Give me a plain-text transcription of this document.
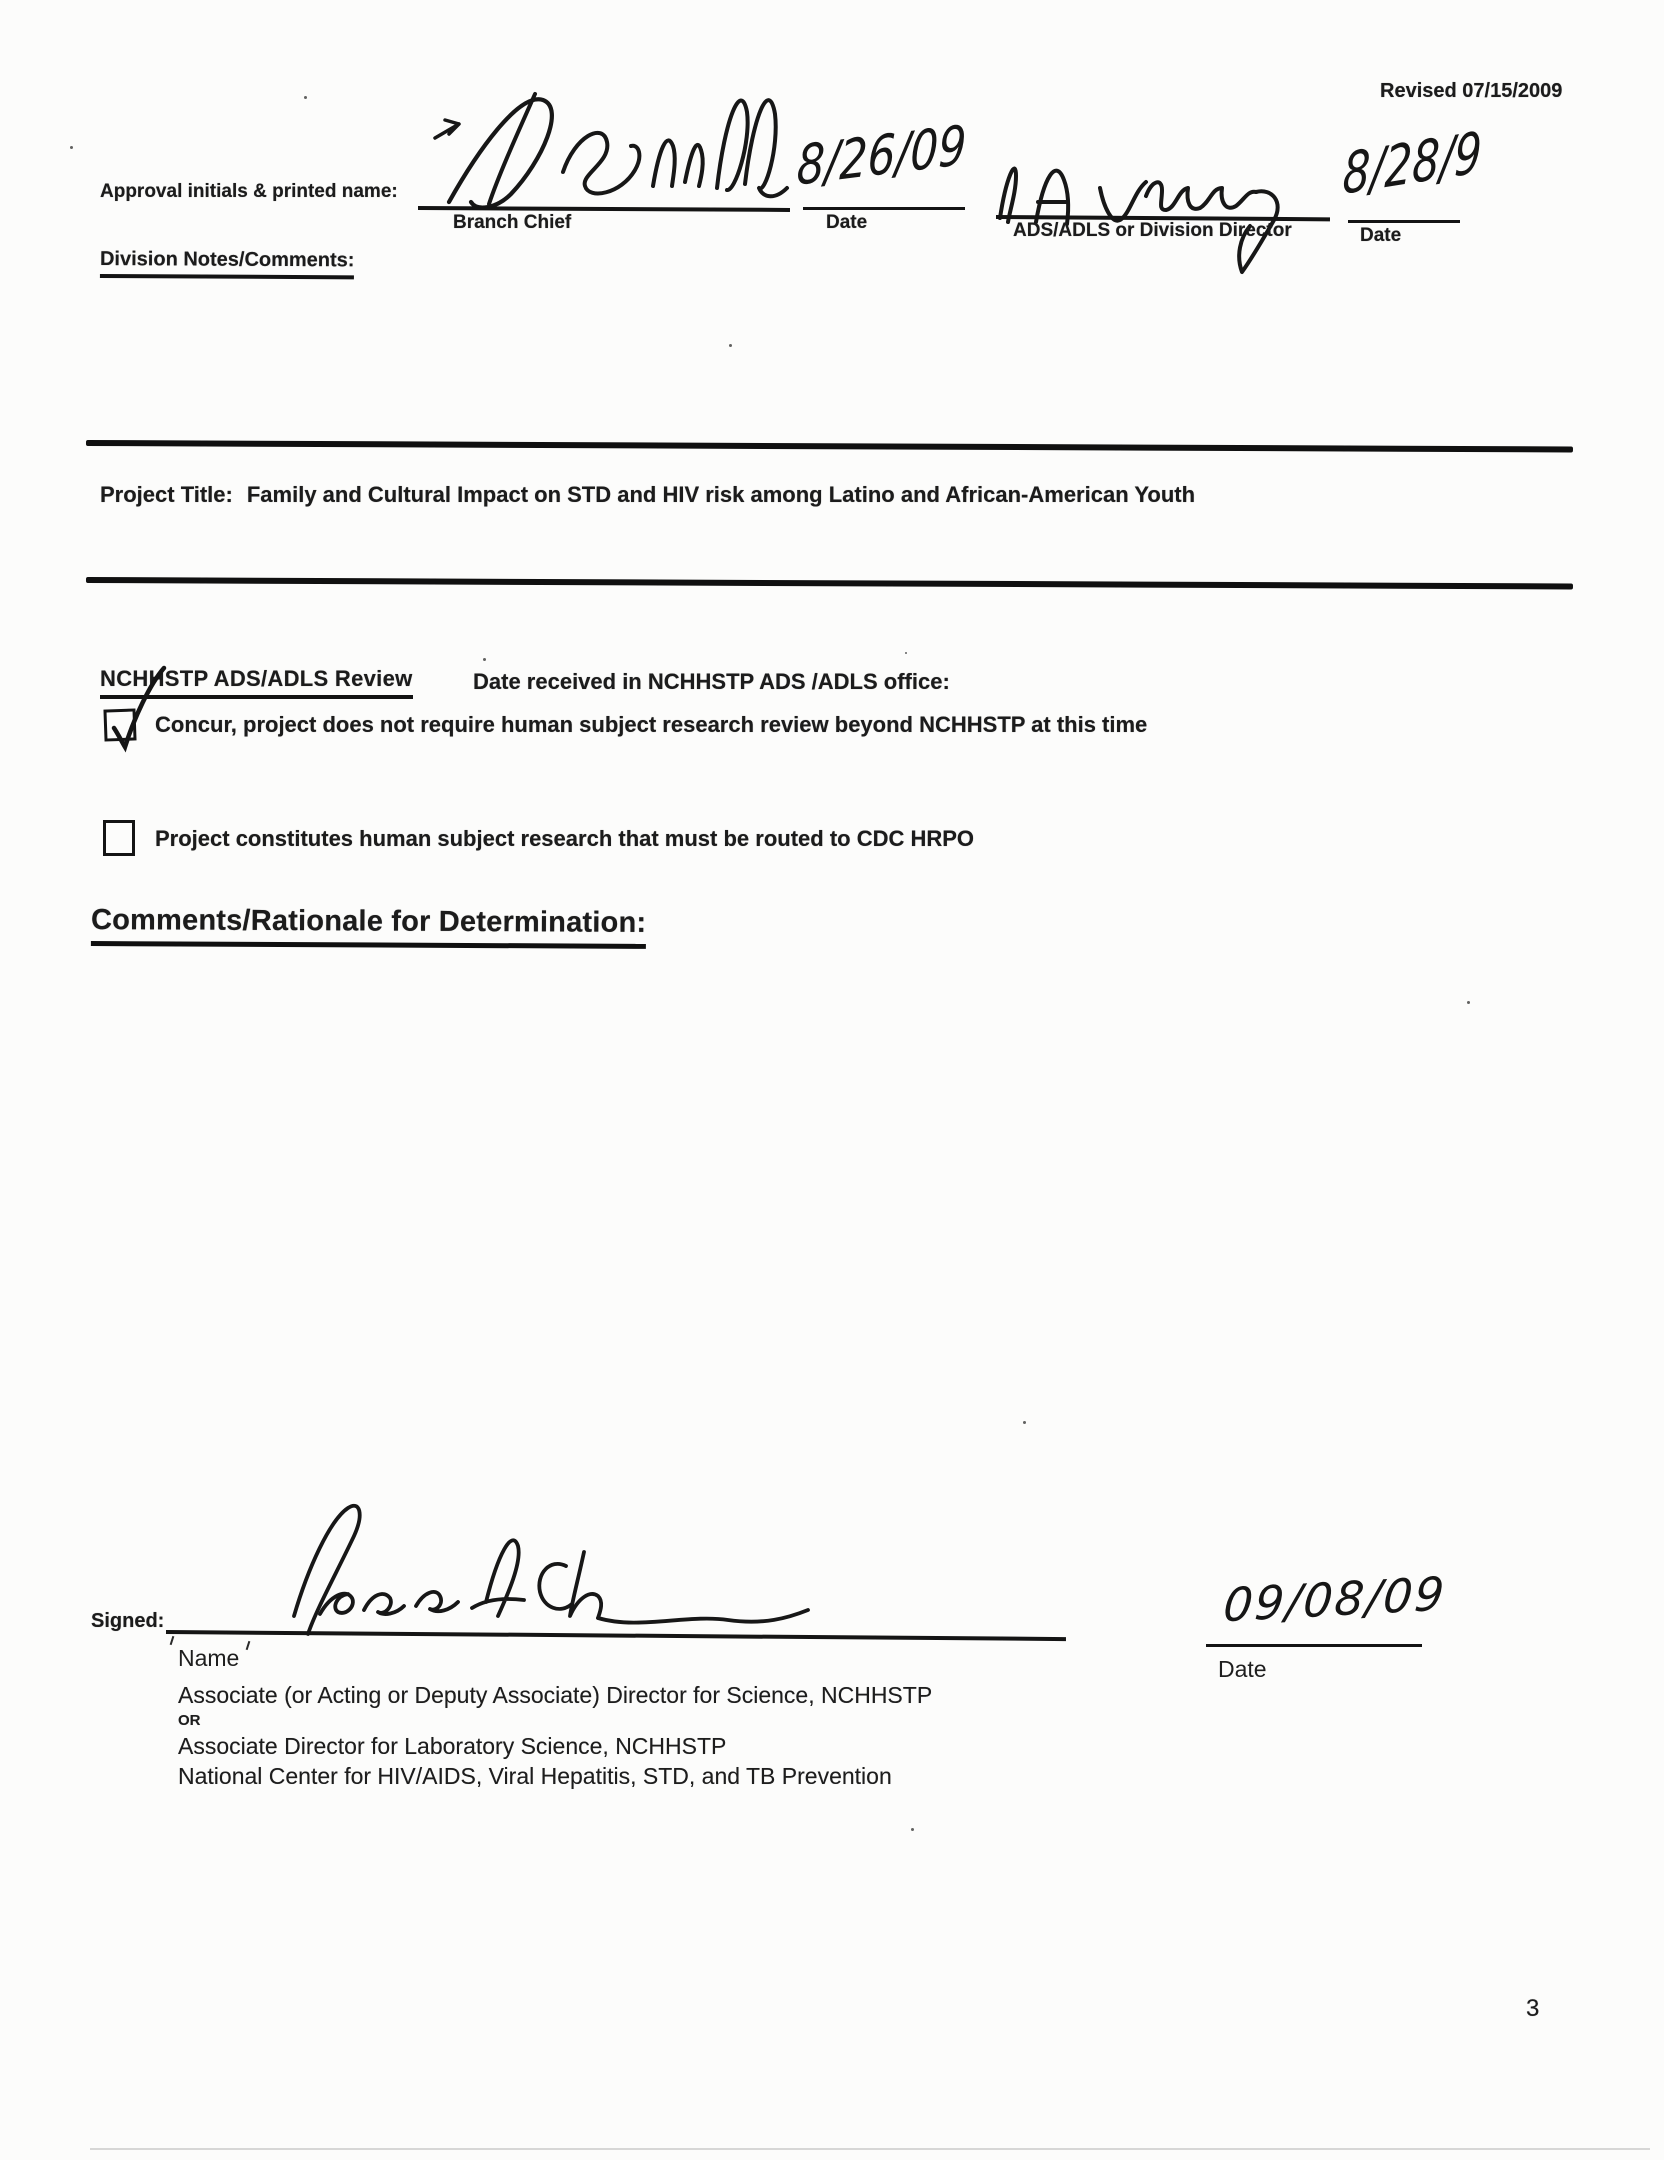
Revised 07/15/2009
Approval initials & printed name:
Branch Chief
8/26/09
Date	ADS/ADLS or Division Director
8/28/9
Date
Division Notes/Comments:
Project Title: Family and Cultural Impact on STD and HIV risk among Latino and African-American Youth
NCHHSTP ADS/ADLS Review	Date received in NCHHSTP ADS /ADLS office:
Concur, project does not require human subject research review beyond NCHHSTP at this time
Project constitutes human subject research that must be routed to CDC HRPO
Comments/Rationale for Determination:
Signed:
Name
09/08/09
Date
Associate (or Acting or Deputy Associate) Director for Science, NCHHSTP
OR
Associate Director for Laboratory Science, NCHHSTP
National Center for HIV/AIDS, Viral Hepatitis, STD, and TB Prevention
3
